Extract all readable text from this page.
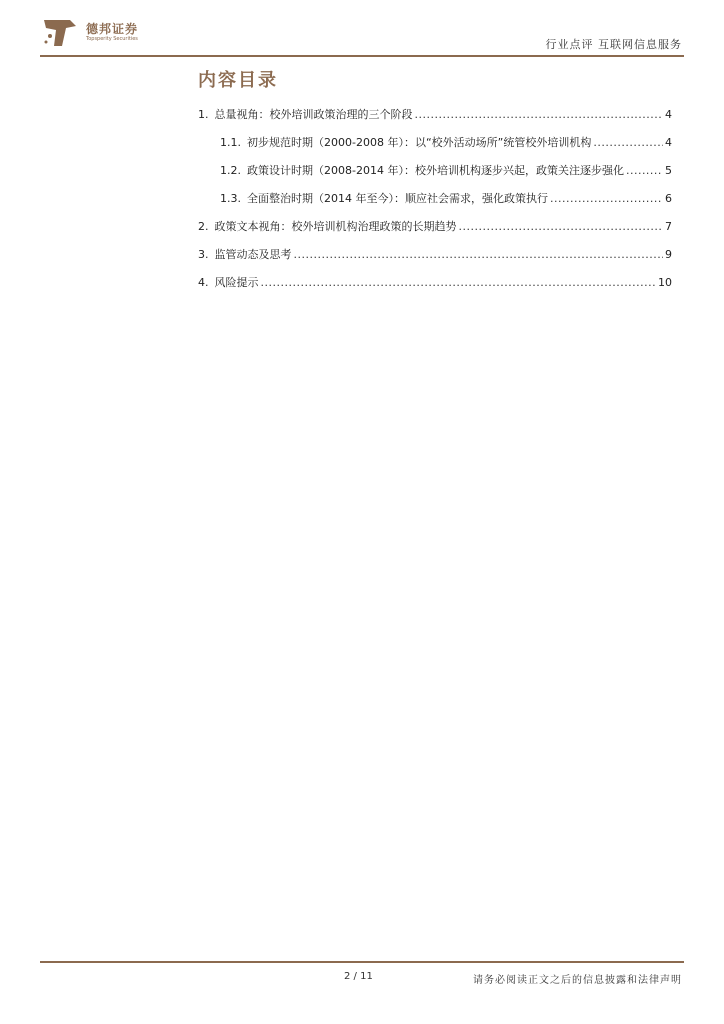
德邦证券
Topsperity Securities	行业点评 互联网信息服务
内容目录
1. 总量视角：校外培训政策治理的三个阶段 .....	4
1.1. 初步规范时期（2000-2008 年）：以“校外活动场所”统管校外培训机构 .....	4
1.2. 政策设计时期（2008-2014 年）：校外培训机构逐步兴起，政策关注逐步强化 .....	5
1.3. 全面整治时期（2014 年至今）：顺应社会需求，强化政策执行 .....	6
2. 政策文本视角：校外培训机构治理政策的长期趋势 .....	7
3. 监管动态及思考 .....	9
4. 风险提示 .....	10
2 / 11	请务必阅读正文之后的信息披露和法律声明
